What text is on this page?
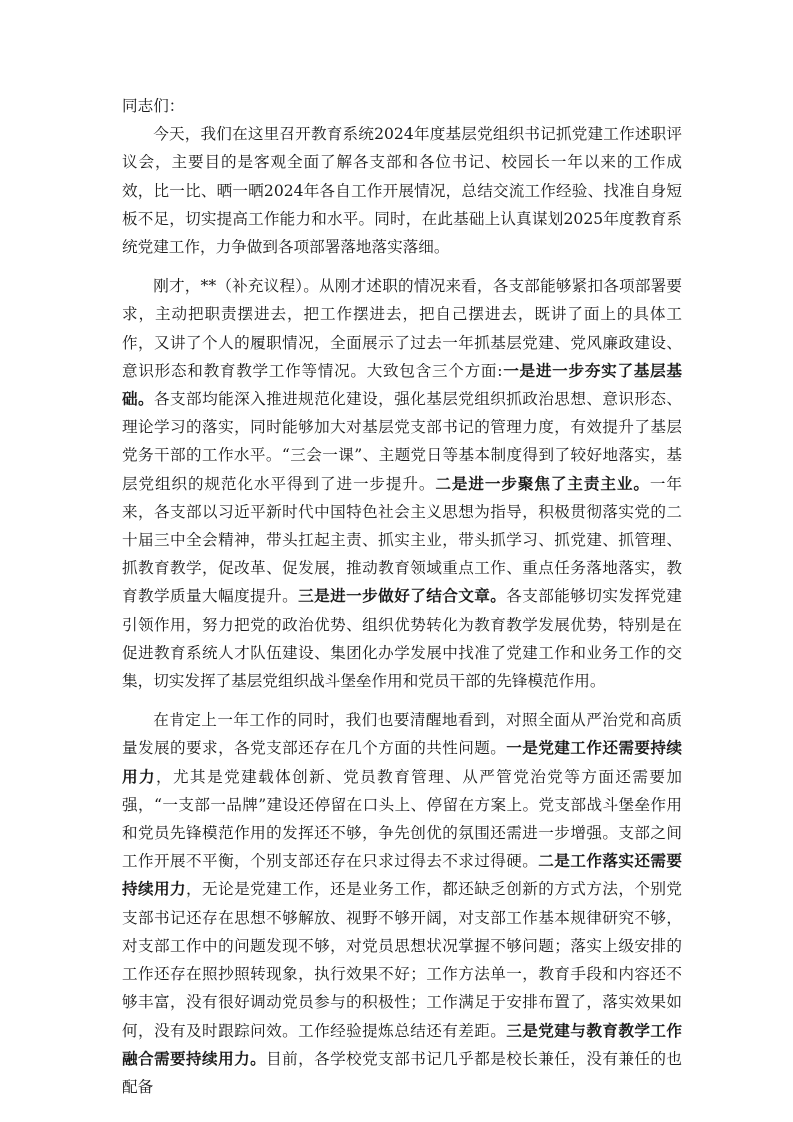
同志们：

今天，我们在这里召开教育系统2024年度基层党组织书记抓党建工作述职评议会，主要目的是客观全面了解各支部和各位书记、校园长一年以来的工作成效，比一比、晒一晒2024年各自工作开展情况，总结交流工作经验、找准自身短板不足，切实提高工作能力和水平。同时，在此基础上认真谋划2025年度教育系统党建工作，力争做到各项部署落地落实落细。

刚才，**（补充议程）。从刚才述职的情况来看，各支部能够紧扣各项部署要求，主动把职责摆进去，把工作摆进去，把自己摆进去，既讲了面上的具体工作，又讲了个人的履职情况，全面展示了过去一年抓基层党建、党风廉政建设、意识形态和教育教学工作等情况。大致包含三个方面:一是进一步夯实了基层基础。各支部均能深入推进规范化建设，强化基层党组织抓政治思想、意识形态、理论学习的落实，同时能够加大对基层党支部书记的管理力度，有效提升了基层党务干部的工作水平。“三会一课”、主题党日等基本制度得到了较好地落实，基层党组织的规范化水平得到了进一步提升。二是进一步聚焦了主责主业。一年来，各支部以习近平新时代中国特色社会主义思想为指导，积极贯彻落实党的二十届三中全会精神，带头扛起主责、抓实主业，带头抓学习、抓党建、抓管理、抓教育教学，促改革、促发展，推动教育领域重点工作、重点任务落地落实，教育教学质量大幅度提升。三是进一步做好了结合文章。各支部能够切实发挥党建引领作用，努力把党的政治优势、组织优势转化为教育教学发展优势，特别是在促进教育系统人才队伍建设、集团化办学发展中找准了党建工作和业务工作的交集，切实发挥了基层党组织战斗堡垒作用和党员干部的先锋模范作用。

在肯定上一年工作的同时，我们也要清醒地看到，对照全面从严治党和高质量发展的要求，各党支部还存在几个方面的共性问题。一是党建工作还需要持续用力，尤其是党建载体创新、党员教育管理、从严管党治党等方面还需要加强，“一支部一品牌”建设还停留在口头上、停留在方案上。党支部战斗堡垒作用和党员先锋模范作用的发挥还不够，争先创优的氛围还需进一步增强。支部之间工作开展不平衡，个别支部还存在只求过得去不求过得硬。二是工作落实还需要持续用力，无论是党建工作，还是业务工作，都还缺乏创新的方式方法，个别党支部书记还存在思想不够解放、视野不够开阔，对支部工作基本规律研究不够，对支部工作中的问题发现不够，对党员思想状况掌握不够问题；落实上级安排的工作还存在照抄照转现象，执行效果不好；工作方法单一，教育手段和内容还不够丰富，没有很好调动党员参与的积极性；工作满足于安排布置了，落实效果如何，没有及时跟踪问效。工作经验提炼总结还有差距。三是党建与教育教学工作融合需要持续用力。目前，各学校党支部书记几乎都是校长兼任，没有兼任的也配备
